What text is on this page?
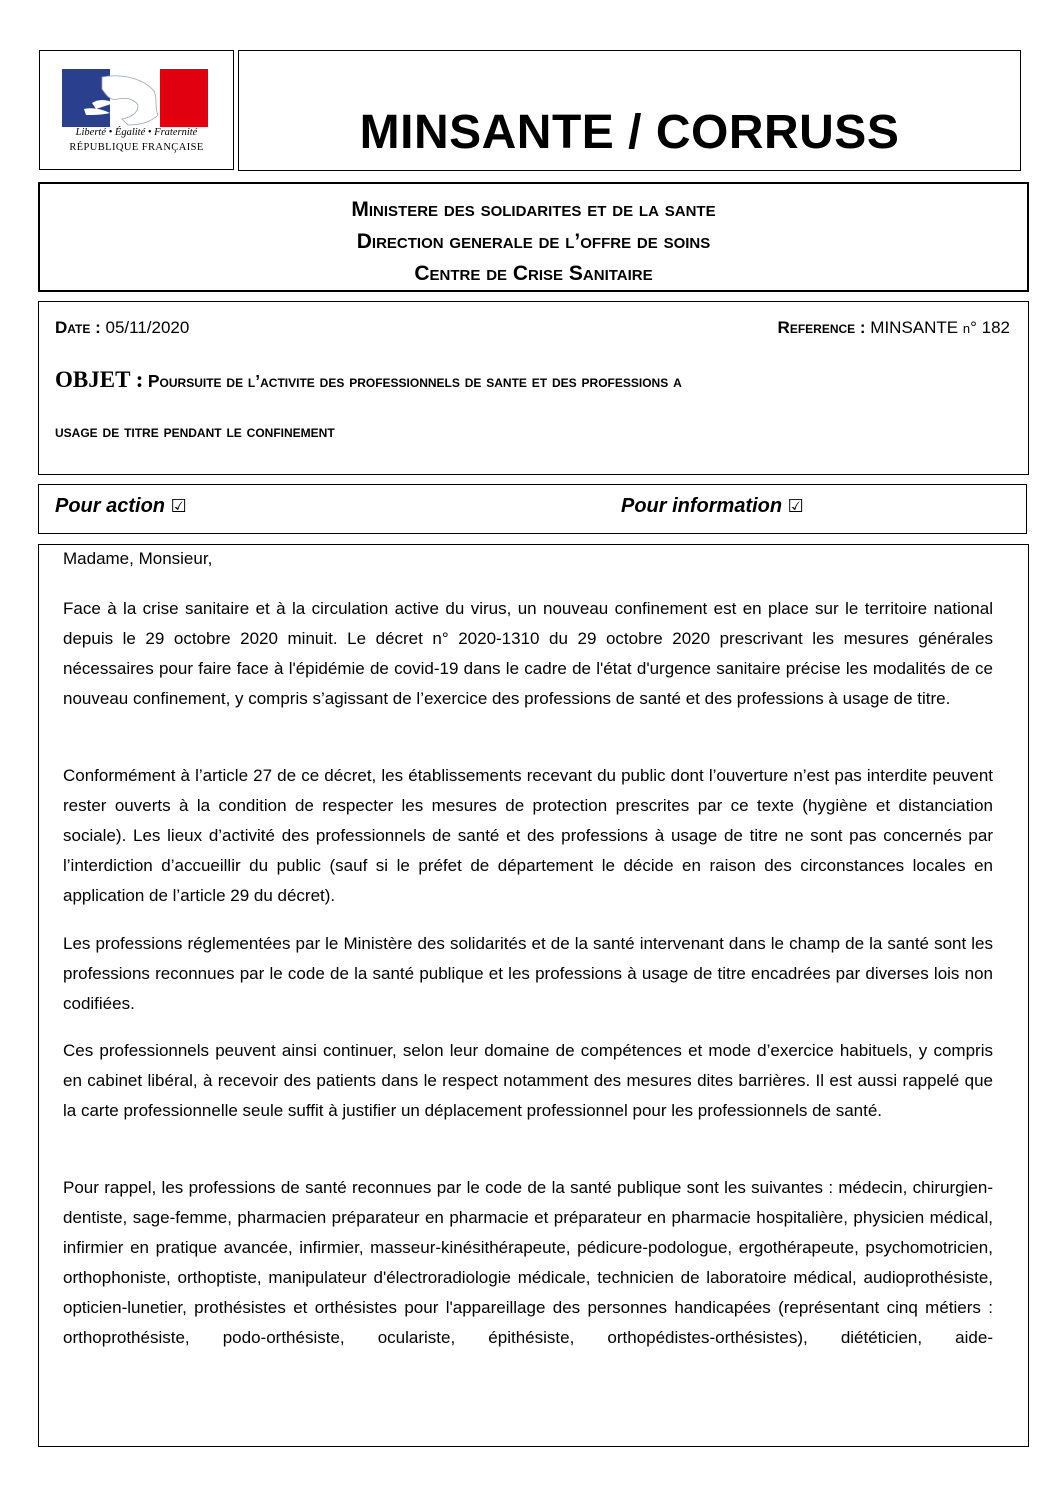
Liberté • Égalité • Fraternité
RÉPUBLIQUE FRANÇAISE	MINSANTE / CORRUSS
Ministere des solidarites et de la sante
Direction generale de l’offre de soins
Centre de Crise Sanitaire
Date : 05/11/2020	Reference : MINSANTE n° 182
OBJET : Poursuite de l’activite des professionnels de sante et des professions a
usage de titre pendant le confinement
Pour action ☑	Pour information ☑
Madame, Monsieur,
Face à la crise sanitaire et à la circulation active du virus, un nouveau confinement est en place sur le territoire national depuis le 29 octobre 2020 minuit. Le décret n° 2020-1310 du 29 octobre 2020 prescrivant les mesures générales nécessaires pour faire face à l'épidémie de covid-19 dans le cadre de l'état d'urgence sanitaire précise les modalités de ce nouveau confinement, y compris s’agissant de l’exercice des professions de santé et des professions à usage de titre.
Conformément à l’article 27 de ce décret, les établissements recevant du public dont l’ouverture n’est pas interdite peuvent rester ouverts à la condition de respecter les mesures de protection prescrites par ce texte (hygiène et distanciation sociale). Les lieux d’activité des professionnels de santé et des professions à usage de titre ne sont pas concernés par l’interdiction d’accueillir du public (sauf si le préfet de département le décide en raison des circonstances locales en application de l’article 29 du décret).
Les professions réglementées par le Ministère des solidarités et de la santé intervenant dans le champ de la santé sont les professions reconnues par le code de la santé publique et les professions à usage de titre encadrées par diverses lois non codifiées.
Ces professionnels peuvent ainsi continuer, selon leur domaine de compétences et mode d’exercice habituels, y compris en cabinet libéral, à recevoir des patients dans le respect notamment des mesures dites barrières. Il est aussi rappelé que la carte professionnelle seule suffit à justifier un déplacement professionnel pour les professionnels de santé.
Pour rappel, les professions de santé reconnues par le code de la santé publique sont les suivantes : médecin, chirurgien-dentiste, sage-femme, pharmacien préparateur en pharmacie et préparateur en pharmacie hospitalière, physicien médical, infirmier en pratique avancée, infirmier, masseur-kinésithérapeute, pédicure-podologue, ergothérapeute, psychomotricien, orthophoniste, orthoptiste, manipulateur d'électroradiologie médicale, technicien de laboratoire médical, audioprothésiste, opticien-lunetier, prothésistes et orthésistes pour l'appareillage des personnes handicapées (représentant cinq métiers : orthoprothésiste, podo-orthésiste, oculariste, épithésiste, orthopédistes-orthésistes), diététicien, aide-
